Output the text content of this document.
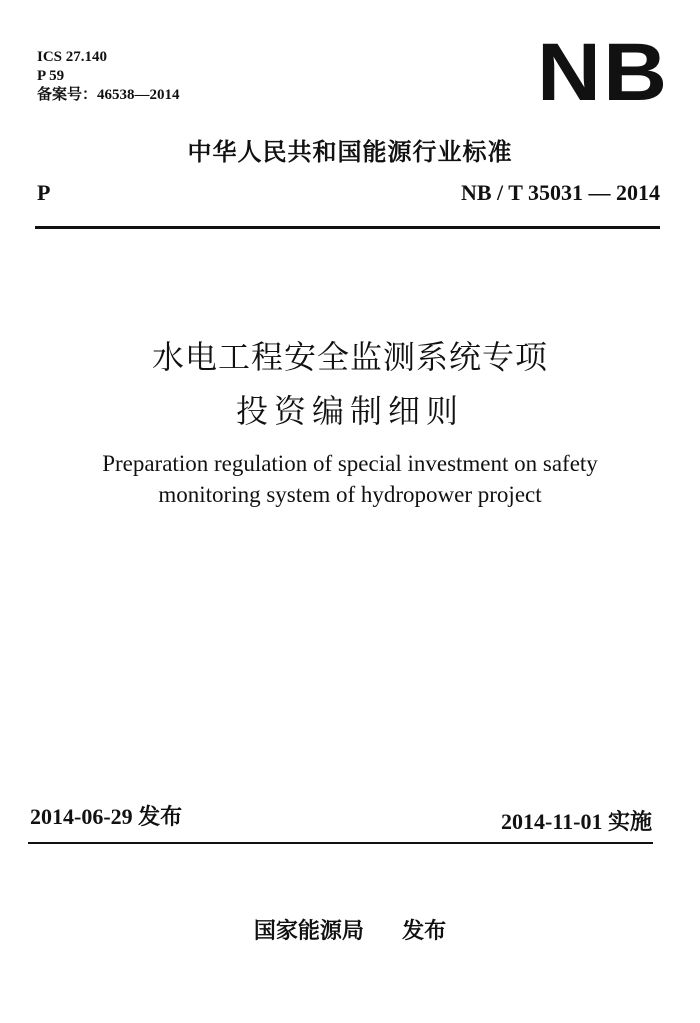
ICS 27.140
P 59
备案号：46538—2014	NB
中华人民共和国能源行业标准
P	NB / T 35031 — 2014
水电工程安全监测系统专项
投资编制细则
Preparation regulation of special investment on safety
monitoring system of hydropower project
2014-06-29 发布	2014-11-01 实施
国家能源局     发布
